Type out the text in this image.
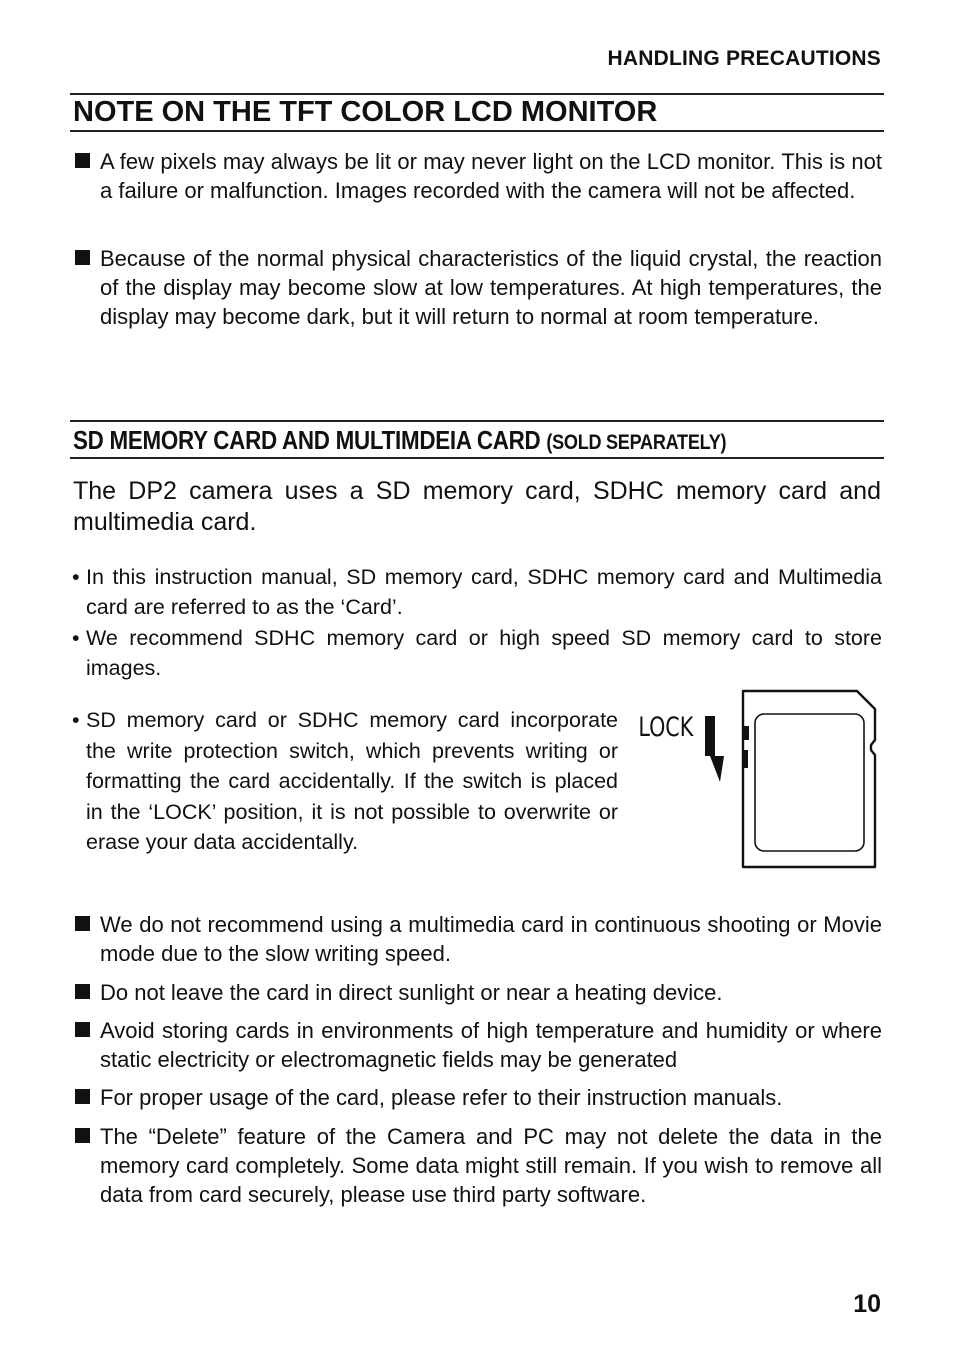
HANDLING PRECAUTIONS
NOTE ON THE TFT COLOR LCD MONITOR
A few pixels may always be lit or may never light on the LCD monitor. This is not a failure or malfunction. Images recorded with the camera will not be affected.
Because of the normal physical characteristics of the liquid crystal, the reaction of the display may become slow at low temperatures. At high temperatures, the display may become dark, but it will return to normal at room temperature.
SD MEMORY CARD AND MULTIMDEIA CARD (SOLD SEPARATELY)
The DP2 camera uses a SD memory card, SDHC memory card and multimedia card.
• In this instruction manual, SD memory card, SDHC memory card and Multimedia card are referred to as the ‘Card’.
• We recommend SDHC memory card or high speed SD memory card to store images.
• SD memory card or SDHC memory card incorporate the write protection switch, which prevents writing or formatting the card accidentally. If the switch is placed in the ‘LOCK’ position, it is not possible to overwrite or erase your data accidentally.
LOCK
We do not recommend using a multimedia card in continuous shooting or Movie mode due to the slow writing speed.
Do not leave the card in direct sunlight or near a heating device.
Avoid storing cards in environments of high temperature and humidity or where static electricity or electromagnetic fields may be generated
For proper usage of the card, please refer to their instruction manuals.
The “Delete” feature of the Camera and PC may not delete the data in the memory card completely. Some data might still remain. If you wish to remove all data from card securely, please use third party software.
10
